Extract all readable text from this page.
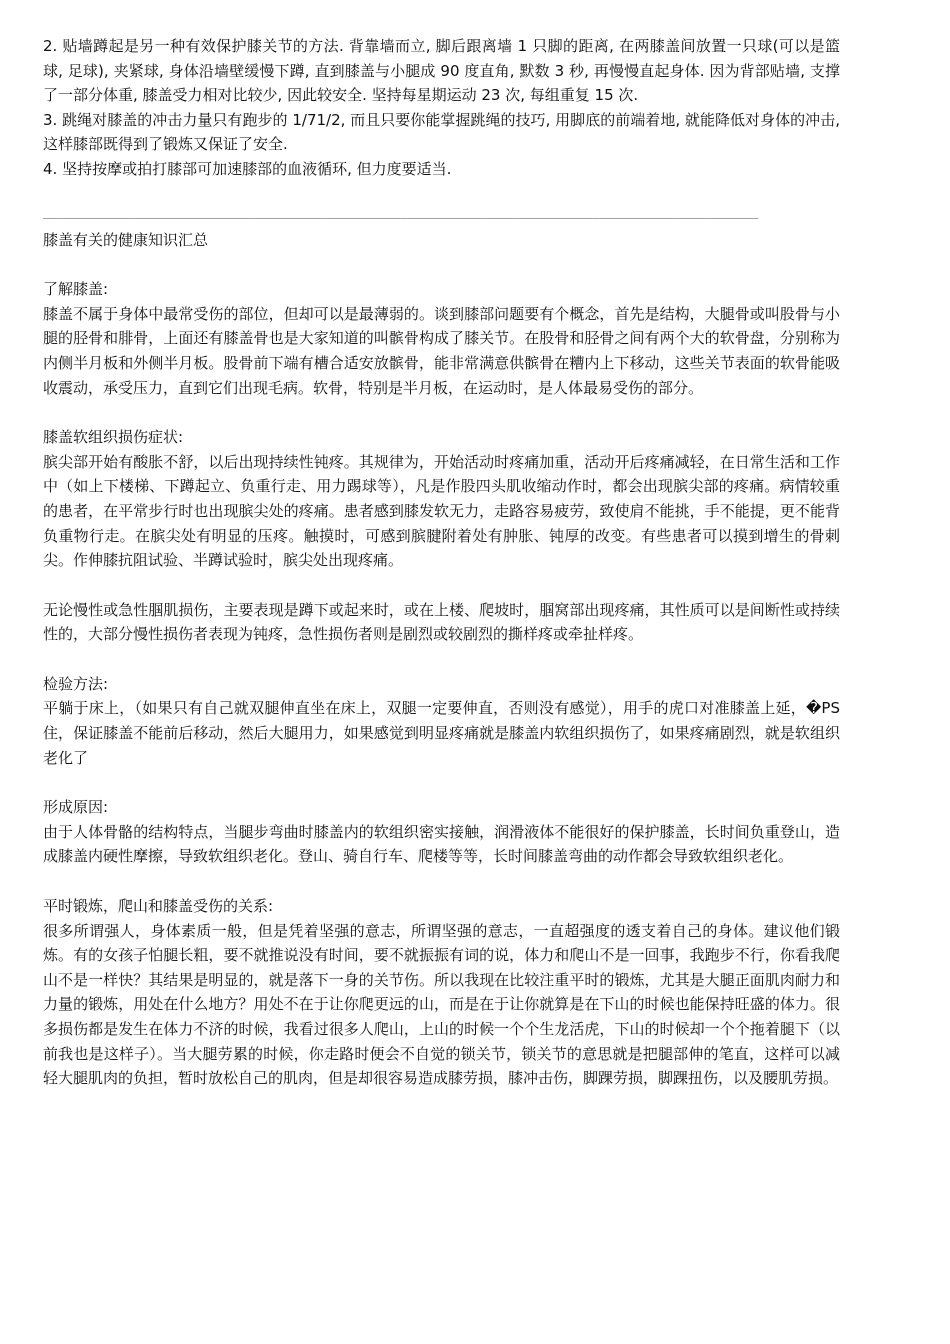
2. 贴墙蹲起是另一种有效保护膝关节的方法. 背靠墙而立, 脚后跟离墙 1 只脚的距离, 在两膝盖间放置一只球(可以是篮球, 足球), 夹紧球, 身体沿墙壁缓慢下蹲, 直到膝盖与小腿成 90 度直角, 默数 3 秒, 再慢慢直起身体. 因为背部贴墙, 支撑了一部分体重, 膝盖受力相对比较少, 因此较安全. 坚持每星期运动 23 次, 每组重复 15 次.

3. 跳绳对膝盖的冲击力量只有跑步的 1/71/2, 而且只要你能掌握跳绳的技巧, 用脚底的前端着地, 就能降低对身体的冲击, 这样膝部既得到了锻炼又保证了安全.

4. 坚持按摩或拍打膝部可加速膝部的血液循环, 但力度要适当.

____________________________________________________________________________________________________________

膝盖有关的健康知识汇总

了解膝盖:

膝盖不属于身体中最常受伤的部位，但却可以是最薄弱的。谈到膝部问题要有个概念，首先是结构，大腿骨或叫股骨与小腿的胫骨和腓骨，上面还有膝盖骨也是大家知道的叫髌骨构成了膝关节。在股骨和胫骨之间有两个大的软骨盘，分别称为内侧半月板和外侧半月板。股骨前下端有槽合适安放髌骨，能非常满意供髌骨在糟内上下移动，这些关节表面的软骨能吸收震动，承受压力，直到它们出现毛病。软骨，特别是半月板，在运动时，是人体最易受伤的部分。

膝盖软组织损伤症状:

膑尖部开始有酸胀不舒，以后出现持续性钝疼。其规律为，开始活动时疼痛加重，活动开后疼痛减轻，在日常生活和工作中（如上下楼梯、下蹲起立、负重行走、用力踢球等），凡是作股四头肌收缩动作时，都会出现膑尖部的疼痛。病情较重的患者，在平常步行时也出现膑尖处的疼痛。患者感到膝发软无力，走路容易疲劳，致使肩不能挑，手不能提，更不能背负重物行走。在膑尖处有明显的压疼。触摸时，可感到膑腱附着处有肿胀、钝厚的改变。有些患者可以摸到增生的骨刺尖。作伸膝抗阻试验、半蹲试验时，膑尖处出现疼痛。

无论慢性或急性腘肌损伤，主要表现是蹲下或起来时，或在上楼、爬坡时，腘窝部出现疼痛，其性质可以是间断性或持续性的，大部分慢性损伤者表现为钝疼，急性损伤者则是剧烈或较剧烈的撕样疼或牵扯样疼。

检验方法:

平躺于床上，（如果只有自己就双腿伸直坐在床上，双腿一定要伸直，否则没有感觉），用手的虎口对准膝盖上延，�PS住，保证膝盖不能前后移动，然后大腿用力，如果感觉到明显疼痛就是膝盖内软组织损伤了，如果疼痛剧烈，就是软组织老化了

形成原因:

由于人体骨骼的结构特点，当腿步弯曲时膝盖内的软组织密实接触，润滑液体不能很好的保护膝盖，长时间负重登山，造成膝盖内硬性摩擦，导致软组织老化。登山、骑自行车、爬楼等等，长时间膝盖弯曲的动作都会导致软组织老化。

平时锻炼，爬山和膝盖受伤的关系:

很多所谓强人，身体素质一般，但是凭着坚强的意志，所谓坚强的意志，一直超强度的透支着自己的身体。建议他们锻炼。有的女孩子怕腿长粗，要不就推说没有时间，要不就振振有词的说，体力和爬山不是一回事，我跑步不行，你看我爬山不是一样快？其结果是明显的，就是落下一身的关节伤。所以我现在比较注重平时的锻炼，尤其是大腿正面肌肉耐力和力量的锻炼，用处在什么地方？用处不在于让你爬更远的山，而是在于让你就算是在下山的时候也能保持旺盛的体力。很多损伤都是发生在体力不济的时候，我看过很多人爬山，上山的时候一个个生龙活虎，下山的时候却一个个拖着腿下（以前我也是这样子）。当大腿劳累的时候，你走路时便会不自觉的锁关节，锁关节的意思就是把腿部伸的笔直，这样可以减轻大腿肌肉的负担，暂时放松自己的肌肉，但是却很容易造成膝劳损，膝冲击伤，脚踝劳损，脚踝扭伤，以及腰肌劳损。
